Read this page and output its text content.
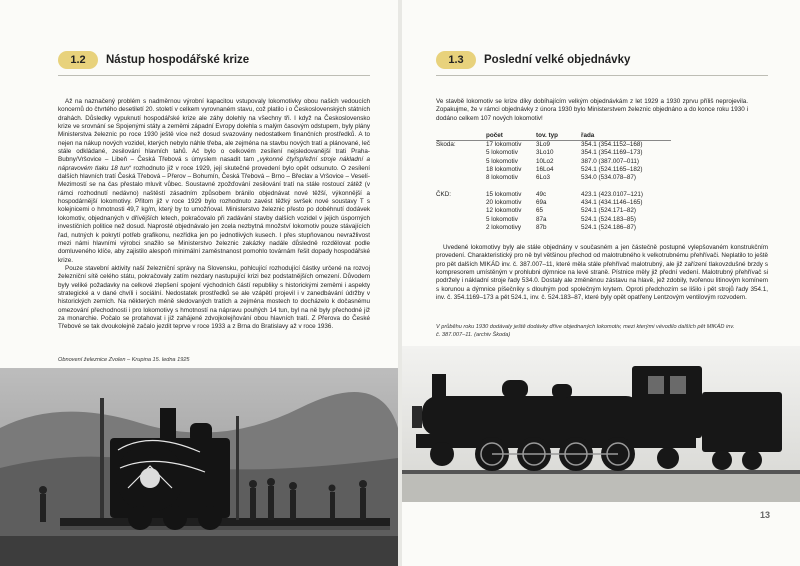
1.2	Nástup hospodářské krize

Až na naznačený problém s nadměrnou výrobní kapacitou vstupovaly lokomotivky obou našich vedoucích koncernů do čtvrtého desetiletí 20. století v celkem vyrovnaném stavu, což platilo i o Československých státních drahách. Důsledky vypuknutí hospodářské krize ale záhy dolehly na všechny tři. I když na Československo krize ve srovnání se Spojenými státy a zeměmi západní Evropy dolehla s malým časovým odstupem, byly plány Ministerstva železnic po roce 1930 ještě více než dosud svazovány nedostatkem finančních prostředků. A to nejen na nákup nových vozidel, kterých nebylo náhle třeba, ale zejména na stavbu nových tratí a plánované, leč stále odkládané, zesilování hlavních tahů. Ač bylo o celkovém zesílení nejsledovanější trati Praha-Bubny/Vršovice – Libeň – Česká Třebová s úmyslem nasadit tam „vykonné čtyřspřežní stroje nákladní a nápravovém tlaku 18 tun“ rozhodnuto již v roce 1929, její skutečné provedení bylo opět odsunuto. O zesílení dalších hlavních tratí Česká Třebová – Přerov – Bohumín, Česká Třebová – Brno – Břeclav a Vršovice – Veselí-Mezimostí se na čas přestalo mluvit vůbec. Soustavné zpožďování zesilování tratí na stále rostoucí zátěž (v rámci rozhodnutí nedávno) naštěstí zásadním způsobem bránilo objednávat nové těžší, výkonnější a hospodárnější lokomotivy. Přitom již v roce 1929 bylo rozhodnuto zavést těžký svršek nové soustavy T s kolejnicemi o hmotnosti 49,7 kg/m, který by to umožňoval. Ministerstvo železnic přesto po dobéhnutí dodávek lokomotiv, objednaných v dřívějších letech, pokračovalo při zadávání stavby dalších vozidel v jejich úsporných investičních politice než dosud. Naprosté objednávalo jen zcela nezbytná množství lokomotiv pouze stávajících řad, nutných k pokrytí potřeb grafikonu, nezřídka jen po jednotlivých kusech. I přes stupňovanou nevražlivost mezi námi hlavními výrobci snažilo se Ministerstvo železnic zakázky nadále důsledně rozdělovat podle domluveného klíče, aby zajistilo alespoň minimální zaměstnanost pomohlo továrnám řešit dopady hospodářské krize.

Pouze stavební aktivity naší železniční správy na Slovensku, pohlcující rozhodující částky určené na rozvoj železniční sítě celého státu, pokračovaly zatím nezdary nastupující krizi bez podstatnějších omezení. Důvodem byly veliké požadavky na celkové zlepšení spojení východních částí republiky s historickými zeměmi i aspekty strategické a v dané chvíli i sociální. Nedostatek prostředků se ale vzápětí projevil i v zanedbávání údržby v historických zemích. Na některých méně sledovaných tratích a zejména mostech to docházelo k dočasnému omezování přechodnosti i pro lokomotivy s hmotností na nápravu pouhých 14 tun, byl na ně byly přechodné již za monarchie. Počalo se protahovat i již zahájené zdvojkolejňování obou hlavních tratí. Z Přerova do České Třebové se tak dvoukolejně začalo jezdit teprve v roce 1933 a z Brna do Bratislavy až v roce 1936.

Obnovení železnice Zvolen – Krupina 15. ledna 1925
1.3	Poslední velké objednávky

Ve stavbě lokomotiv se krize díky dobíhajícím velkým objednávkám z let 1929 a 1930 zprvu příliš neprojevila. Zopakujme, že v rámci objednávky z února 1930 bylo Ministerstvem železnic objednáno a do konce roku 1930 i dodáno celkem 107 nových lokomotiv!

	počet	tov. typ	řada
Škoda:	17 lokomotiv	3Lo9	354.1 (354.1152–168)
	5 lokomotiv	3Lo10	354.1 (354.1169–173)
	5 lokomotiv	10Lo2	387.0 (387.007–011)
	18 lokomotiv	16Lo4	524.1 (524.1165–182)
	8 lokomotiv	6Lo3	534.0 (534.078–87)

ČKD:	15 lokomotiv	49c	423.1 (423.0107–121)
	20 lokomotiv	69a	434.1 (434.1146–165)
	12 lokomotiv	65	524.1 (524.171–82)
	5 lokomotiv	87a	524.1 (524.183–85)
	2 lokomotivy	87b	524.1 (524.186–87)

Uvedené lokomotivy byly ale stále objednány v současném a jen částečně postupné vylepšovaném konstrukčním provedení. Charakteristický pro ně byl většinou přechod od malotrubného k velkotrubnému přehřívači. Neplatilo to ještě pro pět dalších MIKÁD inv. č. 387.007–11, které měla stále přehřívač malotrubný, ale již zařízení tlakovzdušné brzdy s kompresorem umístěným v prohlubni dýmnice na levé straně. Pístnice měly již přední vedení. Malotrubný přehřívač si podržely i nákladní stroje řady 534.0. Dostaly ale změněnou zástavu na hlavě, jež zdobily, tvořenou litinovým komínem s korunou a dýmnice píšečníky s dlouhým pod společným krytem. Oproti předchozím se lišilo i pět strojů řady 354.1, inv. č. 354.1169–173 a pět 524.1, inv. č. 524.183–87, které byly opět opatřeny Lentzovým ventilovým rozvodem.

V průběhu roku 1930 dodávaly ještě dodávky dříve objednaných lokomotiv, mezi kterými vévodilo dalších pět MIKÁD inv. č. 387.007–11. (archiv Škoda)
13
